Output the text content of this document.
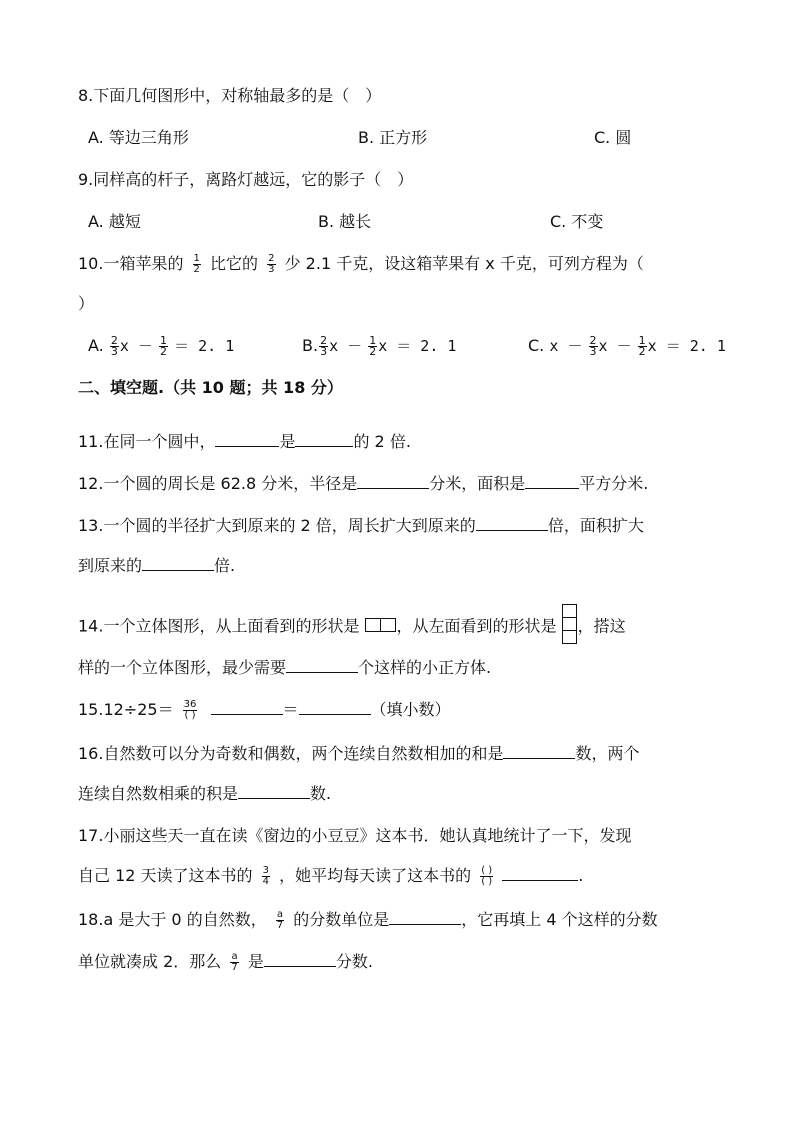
8.下面几何图形中，对称轴最多的是（　）
A. 等边三角形	B. 正方形	C. 圆
9.同样高的杆子，离路灯越远，它的影子（　）
A. 越短	B. 越长	C. 不变
10.一箱苹果的 $\frac{1}{2}$ 比它的 $\frac{2}{3}$ 少 2.1 千克，设这箱苹果有 x 千克，可列方程为（
）
A. $\frac{2}{3}$ $x - \frac{1}{2} = 2$. 1	B. $\frac{2}{3}$ $x - \frac{1}{2}$ x ＝ 2. 1	C. $x - \frac{2}{3}$ $x - \frac{1}{2}$ x ＝ 2. 1
二、填空题.（共 10 题；共 18 分）
11.在同一个圆中，	是	的 2 倍.
12.一个圆的周长是 62.8 分米，半径是	分米，面积是	平方分米.
13.一个圆的半径扩大到原来的 2 倍，周长扩大到原来的	倍，面积扩大
到原来的	倍.
14.一个立体图形，从上面看到的形状是 ，从左面看到的形状是 ，搭这
样的一个立体图形，最少需要	个这样的小正方体.
$15.12\div 25= \frac{36}{( )}$	＝	（填小数）
16.自然数可以分为奇数和偶数，两个连续自然数相加的和是	数，两个
连续自然数相乘的积是	数.
17.小丽这些天一直在读《窗边的小豆豆》这本书．她认真地统计了一下，发现
自己 12 天读了这本书的 $\frac{3}{4}$ ，她平均每天读了这本书的 $\frac{( )}{( )}$	.
18.a 是大于 0 的自然数， $\frac{a}{7}$ 的分数单位是	，它再填上 4 个这样的分数
单位就凑成 2．那么 $\frac{a}{7}$ 是	分数.
